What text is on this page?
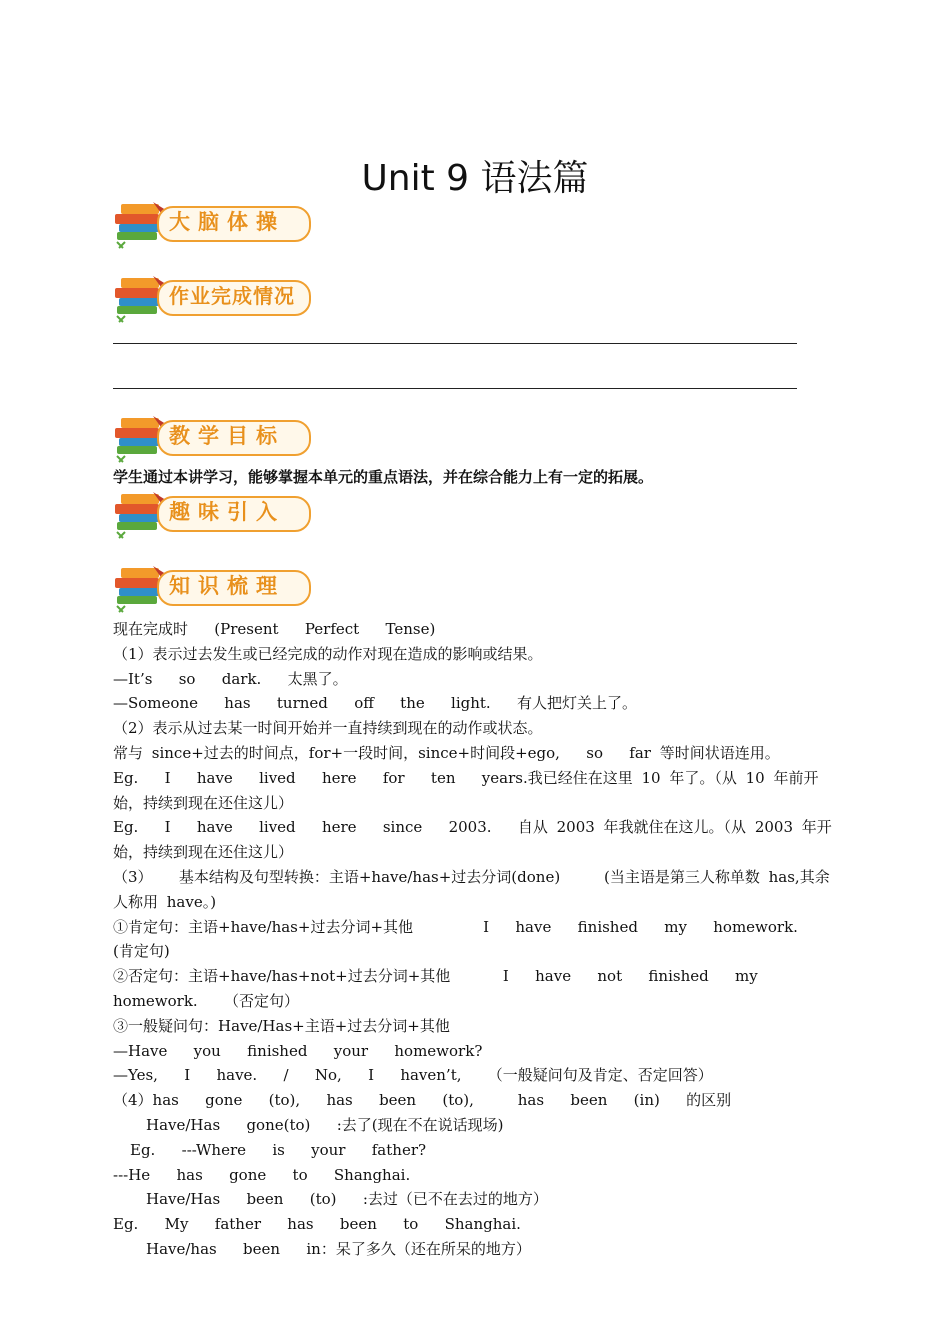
Unit 9 语法篇
大脑体操
作业完成情况
教学目标
学生通过本讲学习，能够掌握本单元的重点语法，并在综合能力上有一定的拓展。
趣味引入
知识梳理
现在完成时   (Present   Perfect   Tense)
（1）表示过去发生或已经完成的动作对现在造成的影响或结果。
—It’s   so   dark.   太黑了。
—Someone   has   turned   off   the   light.   有人把灯关上了。
（2）表示从过去某一时间开始并一直持续到现在的动作或状态。
常与 since+过去的时间点，for+一段时间，since+时间段+ego,   so   far 等时间状语连用。
Eg.   I   have   lived   here   for   ten   years.我已经住在这里 10 年了。（从 10 年前开始，持续到现在还住这儿）
Eg.   I   have   lived   here   since   2003.   自从 2003 年我就住在这儿。（从 2003 年开始，持续到现在还住这儿）
（3）   基本结构及句型转换：主语+have/has+过去分词(done)     (当主语是第三人称单数 has,其余人称用 have。)
①肯定句：主语+have/has+过去分词+其他        I   have   finished   my   homework.   (肯定句)
②否定句：主语+have/has+not+过去分词+其他      I   have   not   finished   my   homework.   （否定句）
③一般疑问句：Have/Has+主语+过去分词+其他
—Have   you   finished   your   homework?
—Yes,   I   have.   /   No,   I   haven’t,   （一般疑问句及肯定、否定回答）
（4）has   gone   (to),   has   been   (to),     has   been   (in)   的区别
Have/Has   gone(to)   :去了(现在不在说话现场)
Eg.   ---Where   is   your   father?
---He   has   gone   to   Shanghai.
Have/Has   been   (to)   :去过（已不在去过的地方）
Eg.   My   father   has   been   to   Shanghai.
Have/has   been   in：呆了多久（还在所呆的地方）
